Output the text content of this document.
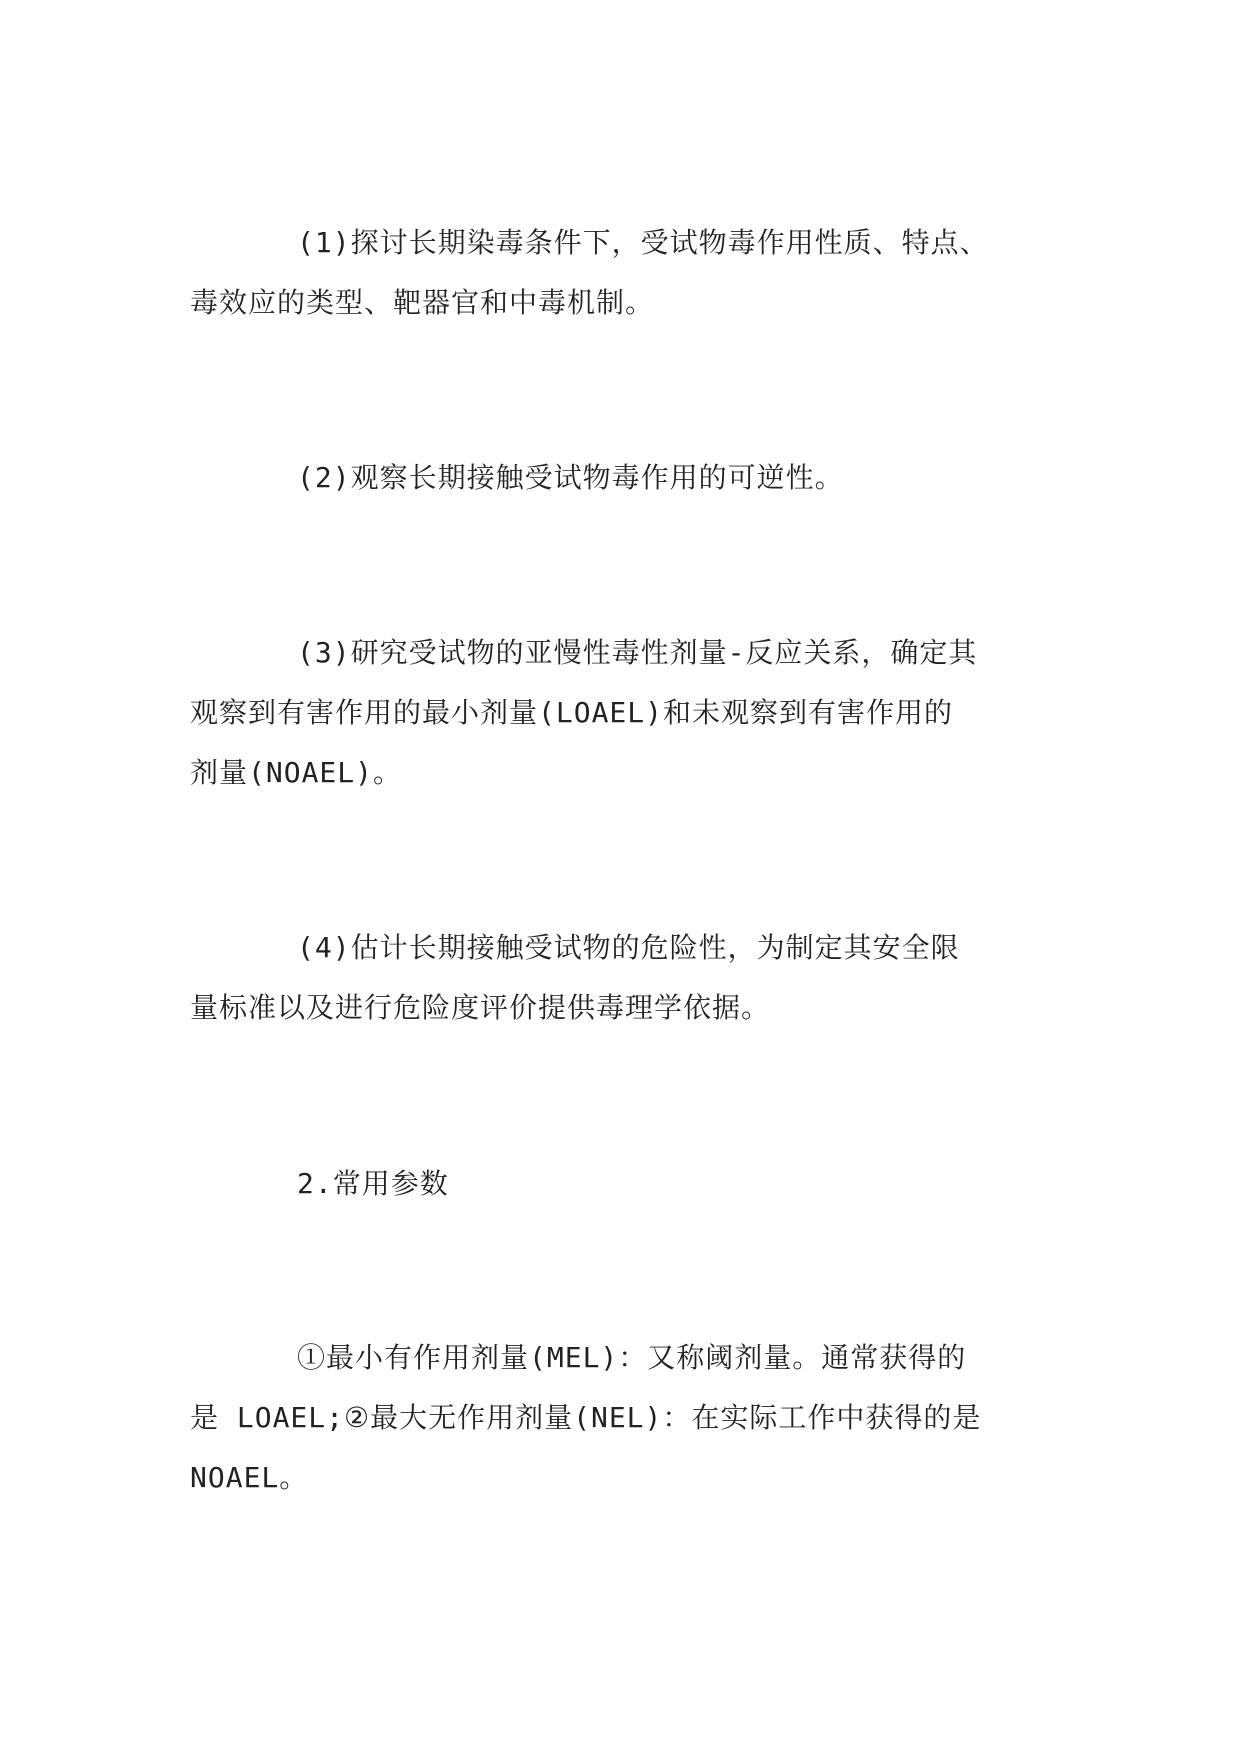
(1)探讨长期染毒条件下，受试物毒作用性质、特点、
毒效应的类型、靶器官和中毒机制。
(2)观察长期接触受试物毒作用的可逆性。
(3)研究受试物的亚慢性毒性剂量-反应关系，确定其
观察到有害作用的最小剂量(LOAEL)和未观察到有害作用的
剂量(NOAEL)。
(4)估计长期接触受试物的危险性，为制定其安全限
量标准以及进行危险度评价提供毒理学依据。
2.常用参数
①最小有作用剂量(MEL)：又称阈剂量。通常获得的
是 LOAEL;②最大无作用剂量(NEL)：在实际工作中获得的是
NOAEL。
